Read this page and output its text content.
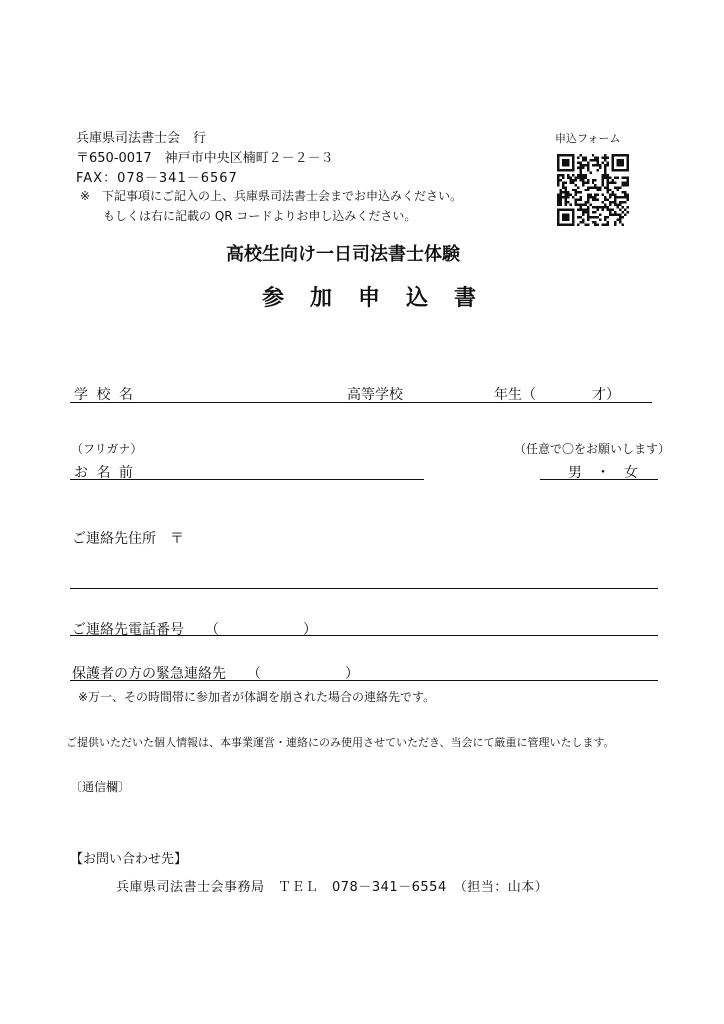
兵庫県司法書士会　行
〒650-0017　神戸市中央区楠町２－２－３
FAX：078－341－6567
※　下記事項にご記入の上、兵庫県司法書士会までお申込みください。
もしくは右に記載の QR コードよりお申し込みください。
申込フォーム
高校生向け一日司法書士体験
参加申込書
学 校 名	高等学校	年生（　　　　才）
（フリガナ）	（任意で〇をお願いします）
お 名 前	男　・　女
ご連絡先住所　〒
ご連絡先電話番号　　（　　　　　　）
保護者の方の緊急連絡先　　（　　　　　　）
※万一、その時間帯に参加者が体調を崩された場合の連絡先です。
ご提供いただいた個人情報は、本事業運営・連絡にのみ使用させていただき、当会にて厳重に管理いたします。
〔通信欄〕
【お問い合わせ先】
兵庫県司法書士会事務局　ＴＥＬ　078－341－6554　（担当：山本）
